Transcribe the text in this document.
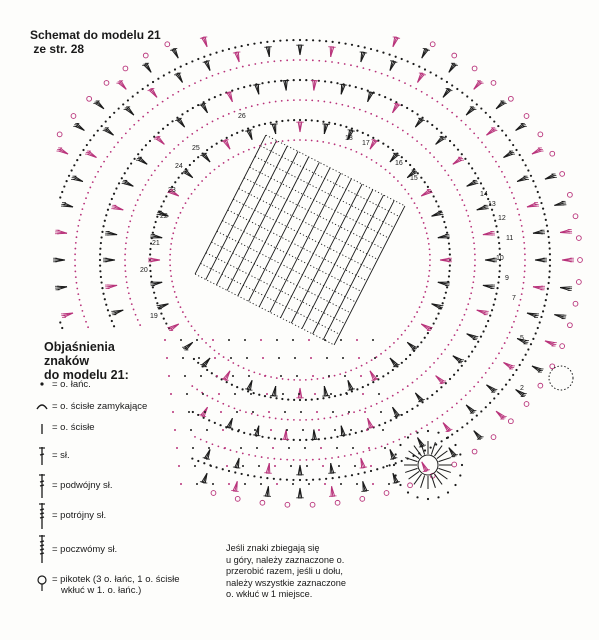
2
5
7
9
10
11
12
13
14
15
16
17
18
19
20
21
22
23
24
25
26
Schemat do modelu 21
ze str. 28
Objaśnienia
znaków
do modelu 21:
= o. łańc.
= o. ścisłe zamykające
= o. ścisłe
= sł.
= podwójny sł.
= potrójny sł.
= poczwómy sł.
= pikotek (3 o. łańc, 1 o. ścisłe
wkłuć w 1. o. łańc.)
Jeśli znaki zbiegają się
u góry, należy zaznaczone o.
przerobić razem, jeśli u dołu,
należy wszystkie zaznaczone
o. wkłuć w 1 miejsce.
